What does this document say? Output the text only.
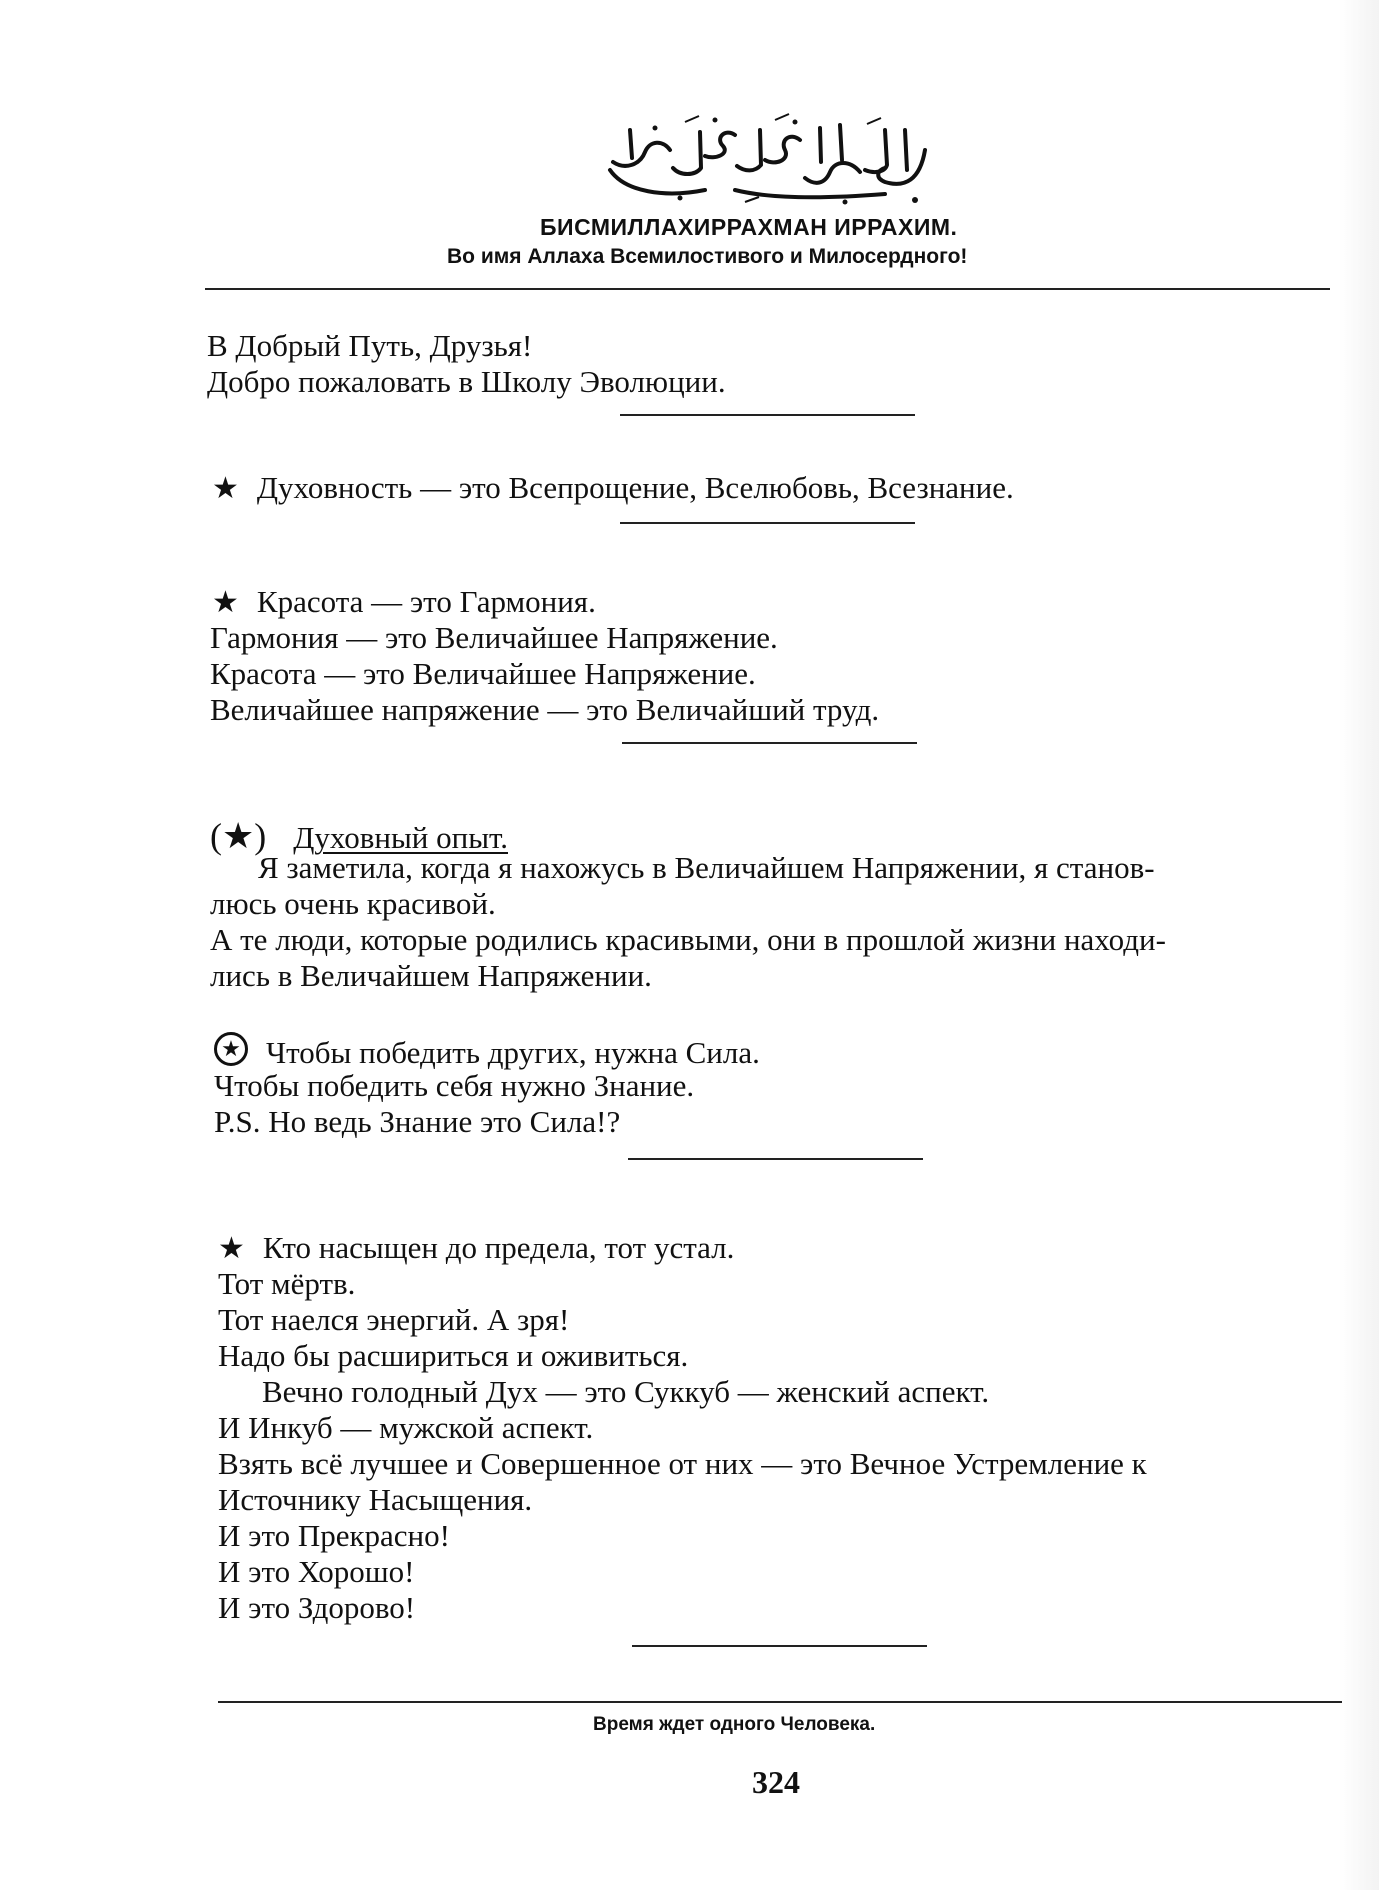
БИСМИЛЛАХИРРАХМАН ИРРАХИМ.
Во имя Аллаха Всемилостивого и Милосердного!
В Добрый Путь, Друзья!
Добро пожаловать в Школу Эволюции.
★ Духовность — это Всепрощение, Вселюбовь, Всезнание.
★ Красота — это Гармония.
Гармония — это Величайшее Напряжение.
Красота — это Величайшее Напряжение.
Величайшее напряжение — это Величайший труд.
(★) Духовный опыт.
Я заметила, когда я нахожусь в Величайшем Напряжении, я станов-
люсь очень красивой.
А те люди, которые родились красивыми, они в прошлой жизни находи-
лись в Величайшем Напряжении.
★ Чтобы победить других, нужна Сила.
Чтобы победить себя нужно Знание.
P.S. Но ведь Знание это Сила!?
★ Кто насыщен до предела, тот устал.
Тот мёртв.
Тот наелся энергий. А зря!
Надо бы расшириться и оживиться.
Вечно голодный Дух — это Суккуб — женский аспект.
И Инкуб — мужской аспект.
Взять всё лучшее и Совершенное от них — это Вечное Устремление к
Источнику Насыщения.
И это Прекрасно!
И это Хорошо!
И это Здорово!
Время ждет одного Человека.
324
